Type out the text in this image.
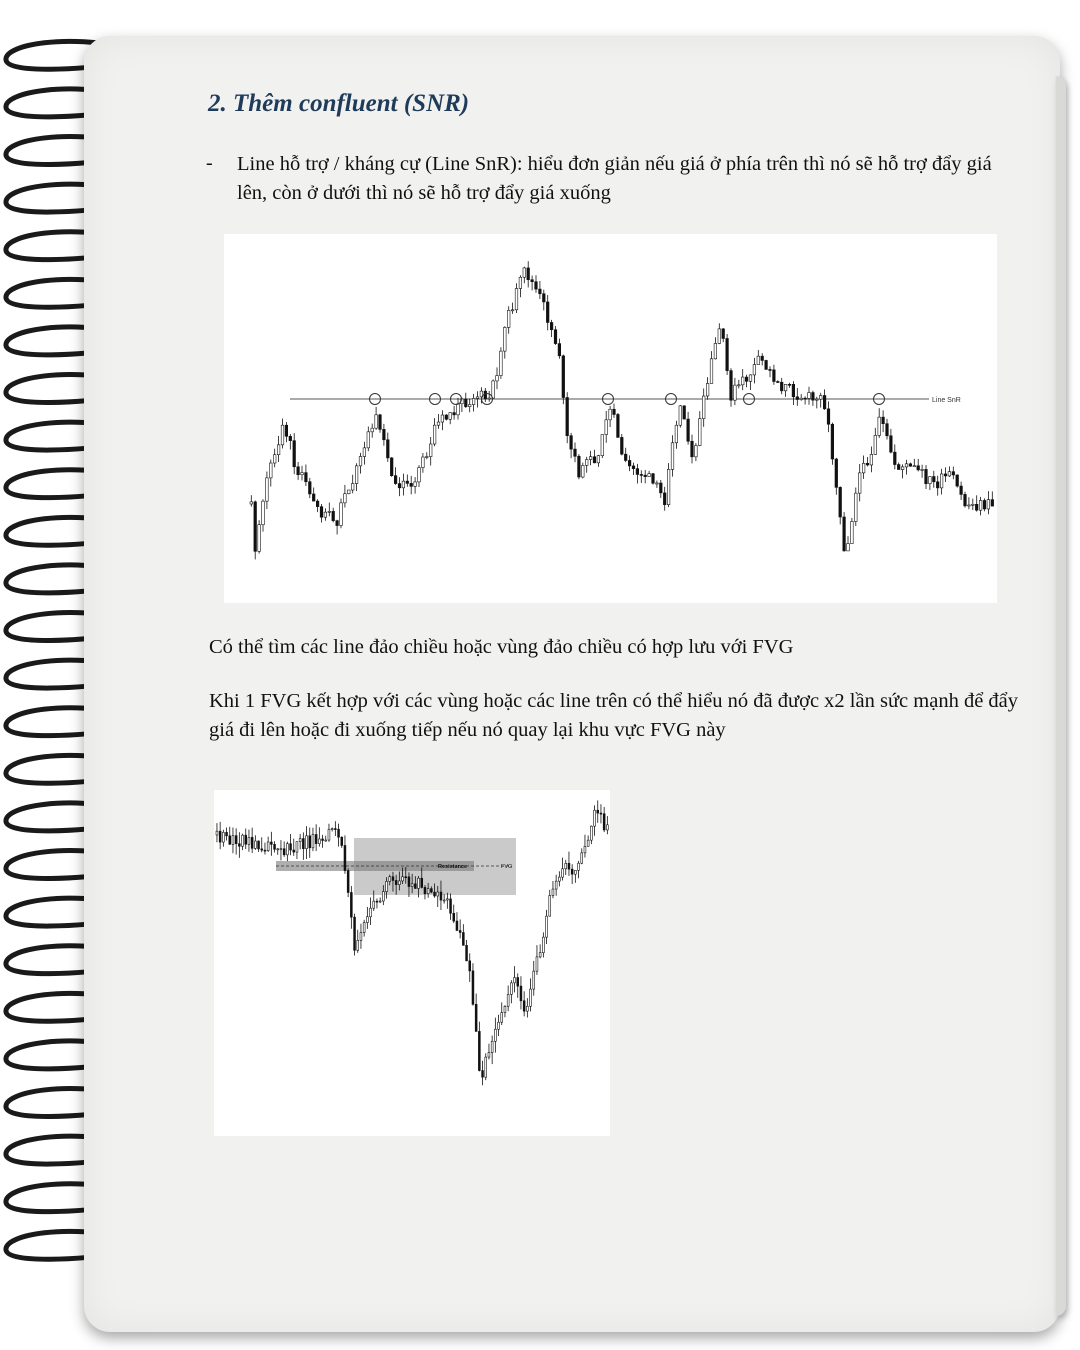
2. Thêm confluent (SNR)
- Line hỗ trợ / kháng cự (Line SnR): hiểu đơn giản nếu giá ở phía trên thì nó sẽ hỗ trợ đẩy giá lên, còn ở dưới thì nó sẽ hỗ trợ đẩy giá xuống

Line SnR

Có thể tìm các line đảo chiều hoặc vùng đảo chiều có hợp lưu với FVG

Khi 1 FVG kết hợp với các vùng hoặc các line trên có thể hiểu nó đã được x2 lần sức mạnh để đẩy giá đi lên hoặc đi xuống tiếp nếu nó quay lại khu vực FVG này

Resistance	FVG
